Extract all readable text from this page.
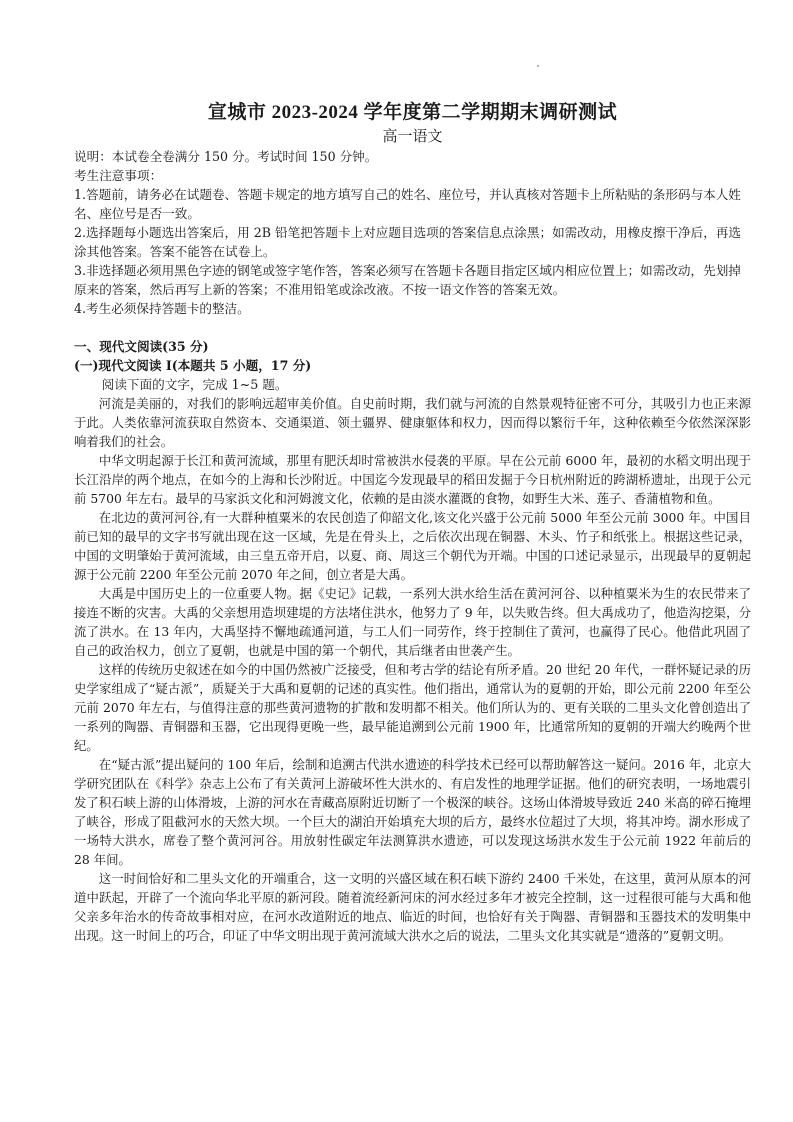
宣城市 2023-2024 学年度第二学期期末调研测试
高一语文

说明：本试卷全卷满分 150 分。考试时间 150 分钟。

考生注意事项：

1.答题前，请务必在试题卷、答题卡规定的地方填写自己的姓名、座位号，并认真核对答题卡上所粘贴的条形码与本人姓名、座位号是否一致。

2.选择题每小题选出答案后，用 2B 铅笔把答题卡上对应题目选项的答案信息点涂黑；如需改动，用橡皮擦干净后，再选涂其他答案。答案不能答在试卷上。

3.非选择题必须用黑色字迹的钢笔或签字笔作答，答案必须写在答题卡各题目指定区域内相应位置上；如需改动，先划掉原来的答案，然后再写上新的答案；不准用铅笔或涂改液。不按一语文作答的答案无效。

4.考生必须保持答题卡的整洁。

一、现代文阅读(35 分)

(一)现代文阅读 I(本题共 5 小题，17 分)

阅读下面的文字，完成 1~5 题。

河流是美丽的，对我们的影响远超审美价值。自史前时期，我们就与河流的自然景观特征密不可分，其吸引力也正来源于此。人类依靠河流获取自然资本、交通渠道、领土疆界、健康躯体和权力，因而得以繁衍千年，这种依赖至今依然深深影响着我们的社会。

中华文明起源于长江和黄河流域，那里有肥沃却时常被洪水侵袭的平原。早在公元前 6000 年，最初的水稻文明出现于长江沿岸的两个地点，在如今的上海和长沙附近。中国迄今发现最早的稻田发掘于今日杭州附近的跨湖桥遗址，出现于公元前 5700 年左右。最早的马家浜文化和河姆渡文化，依赖的是由淡水灌溉的食物，如野生大米、莲子、香蒲植物和鱼。

在北边的黄河河谷,有一大群种植粟米的农民创造了仰韶文化,该文化兴盛于公元前 5000 年至公元前 3000 年。中国目前已知的最早的文字书写就出现在这一区域，先是在骨头上，之后依次出现在铜器、木头、竹子和纸张上。根据这些记录，中国的文明肇始于黄河流域，由三皇五帝开启，以夏、商、周这三个朝代为开端。中国的口述记录显示，出现最早的夏朝起源于公元前 2200 年至公元前 2070 年之间，创立者是大禹。

大禹是中国历史上的一位重要人物。据《史记》记载，一系列大洪水给生活在黄河河谷、以种植粟米为生的农民带来了接连不断的灾害。大禹的父亲想用造坝建堤的方法堵住洪水，他努力了 9 年，以失败告终。但大禹成功了，他造沟挖渠，分流了洪水。在 13 年内，大禹坚持不懈地疏通河道，与工人们一同劳作，终于控制住了黄河，也赢得了民心。他借此巩固了自己的政治权力，创立了夏朝，也就是中国的第一个朝代，其后继者由世袭产生。

这样的传统历史叙述在如今的中国仍然被广泛接受，但和考古学的结论有所矛盾。20 世纪 20 年代，一群怀疑记录的历史学家组成了“疑古派”，质疑关于大禹和夏朝的记述的真实性。他们指出，通常认为的夏朝的开始，即公元前 2200 年至公元前 2070 年左右，与值得注意的那些黄河遗物的扩散和发明都不相关。他们所认为的、更有关联的二里头文化曾创造出了一系列的陶器、青铜器和玉器，它出现得更晚一些，最早能追溯到公元前 1900 年，比通常所知的夏朝的开端大约晚两个世纪。

在“疑古派”提出疑问的 100 年后，绘制和追溯古代洪水遗迹的科学技术已经可以帮助解答这一疑问。2016 年，北京大学研究团队在《科学》杂志上公布了有关黄河上游破坏性大洪水的、有启发性的地理学证据。他们的研究表明，一场地震引发了积石峡上游的山体滑坡，上游的河水在青藏高原附近切断了一个极深的峡谷。这场山体滑坡导致近 240 米高的碎石掩埋了峡谷，形成了阻截河水的天然大坝。一个巨大的湖泊开始填充大坝的后方，最终水位超过了大坝，将其冲垮。湖水形成了一场特大洪水，席卷了整个黄河河谷。用放射性碳定年法测算洪水遗迹，可以发现这场洪水发生于公元前 1922 年前后的 28 年间。

这一时间恰好和二里头文化的开端重合，这一文明的兴盛区域在积石峡下游约 2400 千米处，在这里，黄河从原本的河道中跃起，开辟了一个流向华北平原的新河段。随着流经新河床的河水经过多年才被完全控制，这一过程很可能与大禹和他父亲多年治水的传奇故事相对应，在河水改道附近的地点、临近的时间，也恰好有关于陶器、青铜器和玉器技术的发明集中出现。这一时间上的巧合，印证了中华文明出现于黄河流域大洪水之后的说法，二里头文化其实就是“遗落的”夏朝文明。
